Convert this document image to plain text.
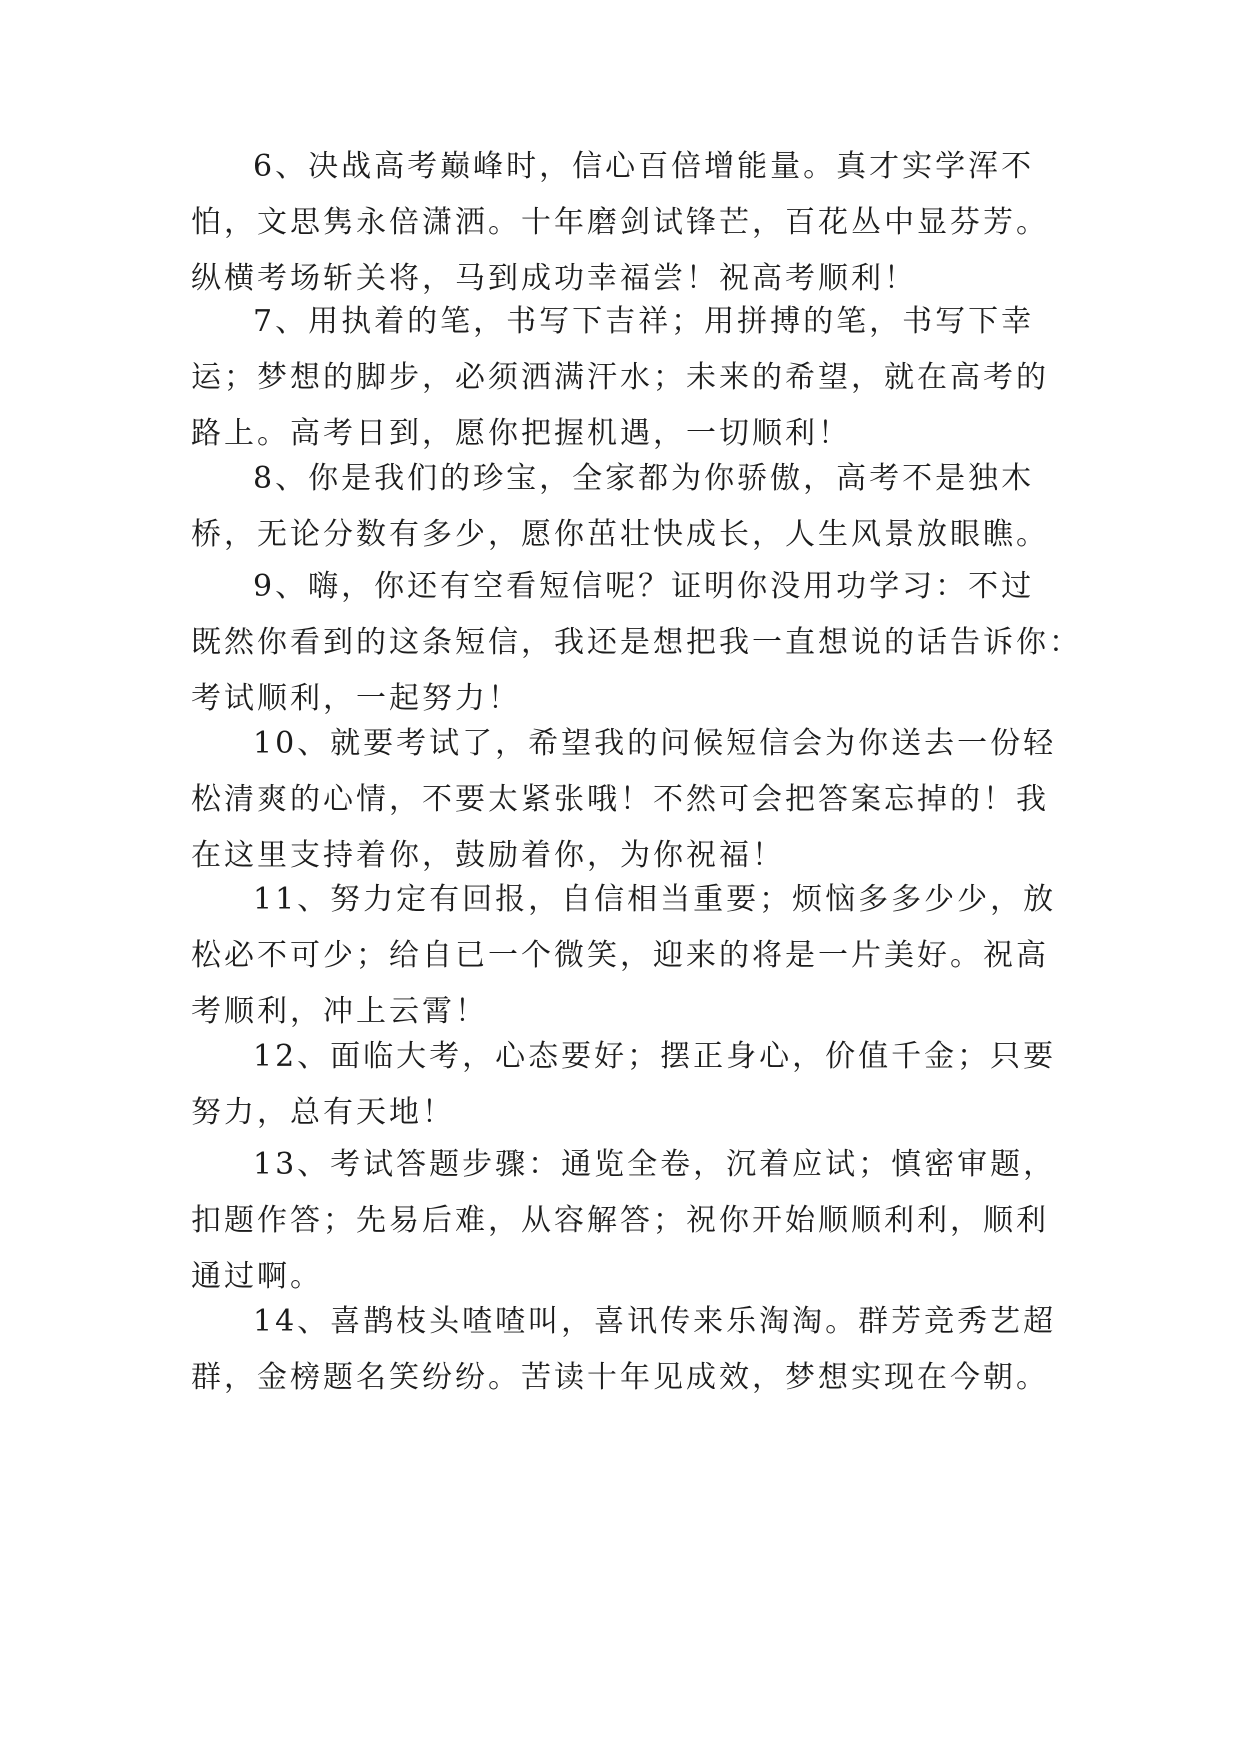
6、决战高考巅峰时，信心百倍增能量。真才实学浑不
怕，文思隽永倍潇洒。十年磨剑试锋芒，百花丛中显芬芳。
纵横考场斩关将，马到成功幸福尝！祝高考顺利！
7、用执着的笔，书写下吉祥；用拼搏的笔，书写下幸
运；梦想的脚步，必须洒满汗水；未来的希望，就在高考的
路上。高考日到，愿你把握机遇，一切顺利！
8、你是我们的珍宝，全家都为你骄傲，高考不是独木
桥，无论分数有多少，愿你茁壮快成长，人生风景放眼瞧。
9、嗨，你还有空看短信呢？证明你没用功学习：不过
既然你看到的这条短信，我还是想把我一直想说的话告诉你：
考试顺利，一起努力！
10、就要考试了，希望我的问候短信会为你送去一份轻
松清爽的心情，不要太紧张哦！不然可会把答案忘掉的！我
在这里支持着你，鼓励着你，为你祝福！
11、努力定有回报，自信相当重要；烦恼多多少少，放
松必不可少；给自已一个微笑，迎来的将是一片美好。祝高
考顺利，冲上云霄！
12、面临大考，心态要好；摆正身心，价值千金；只要
努力，总有天地！
13、考试答题步骤：通览全卷，沉着应试；慎密审题，
扣题作答；先易后难，从容解答；祝你开始顺顺利利，顺利
通过啊。
14、喜鹊枝头喳喳叫，喜讯传来乐淘淘。群芳竞秀艺超
群，金榜题名笑纷纷。苦读十年见成效，梦想实现在今朝。
